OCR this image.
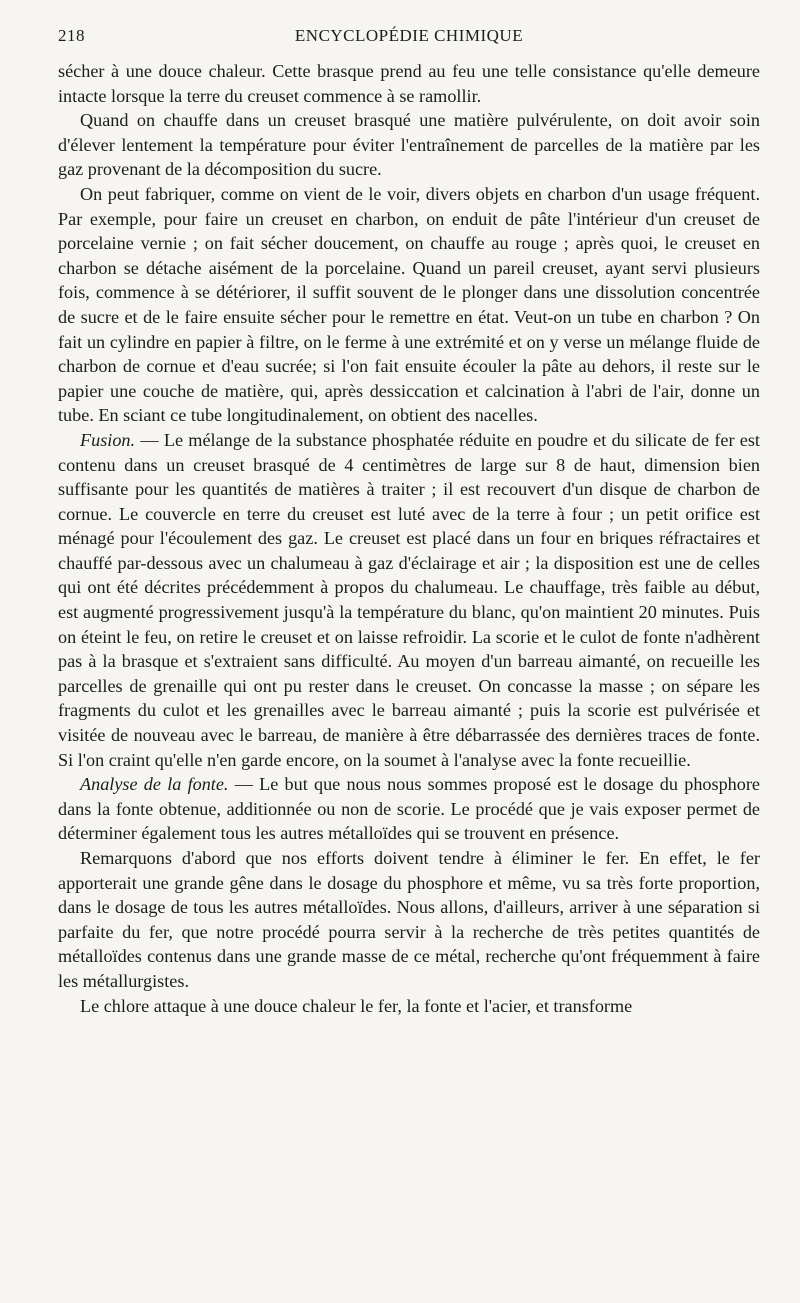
218	ENCYCLOPÉDIE CHIMIQUE

sécher à une douce chaleur. Cette brasque prend au feu une telle consistance qu'elle demeure intacte lorsque la terre du creuset commence à se ramollir.

Quand on chauffe dans un creuset brasqué une matière pulvérulente, on doit avoir soin d'élever lentement la température pour éviter l'entraînement de parcelles de la matière par les gaz provenant de la décomposition du sucre.

On peut fabriquer, comme on vient de le voir, divers objets en charbon d'un usage fréquent. Par exemple, pour faire un creuset en charbon, on enduit de pâte l'intérieur d'un creuset de porcelaine vernie ; on fait sécher doucement, on chauffe au rouge ; après quoi, le creuset en charbon se détache aisément de la porcelaine. Quand un pareil creuset, ayant servi plusieurs fois, commence à se détériorer, il suffit souvent de le plonger dans une dissolution concentrée de sucre et de le faire ensuite sécher pour le remettre en état. Veut-on un tube en charbon ? On fait un cylindre en papier à filtre, on le ferme à une extrémité et on y verse un mélange fluide de charbon de cornue et d'eau sucrée; si l'on fait ensuite écouler la pâte au dehors, il reste sur le papier une couche de matière, qui, après dessiccation et calcination à l'abri de l'air, donne un tube. En sciant ce tube longitudinalement, on obtient des nacelles.

Fusion. — Le mélange de la substance phosphatée réduite en poudre et du silicate de fer est contenu dans un creuset brasqué de 4 centimètres de large sur 8 de haut, dimension bien suffisante pour les quantités de matières à traiter ; il est recouvert d'un disque de charbon de cornue. Le couvercle en terre du creuset est luté avec de la terre à four ; un petit orifice est ménagé pour l'écoulement des gaz. Le creuset est placé dans un four en briques réfractaires et chauffé par-dessous avec un chalumeau à gaz d'éclairage et air ; la disposition est une de celles qui ont été décrites précédemment à propos du chalumeau. Le chauffage, très faible au début, est augmenté progressivement jusqu'à la température du blanc, qu'on maintient 20 minutes. Puis on éteint le feu, on retire le creuset et on laisse refroidir. La scorie et le culot de fonte n'adhèrent pas à la brasque et s'extraient sans difficulté. Au moyen d'un barreau aimanté, on recueille les parcelles de grenaille qui ont pu rester dans le creuset. On concasse la masse ; on sépare les fragments du culot et les grenailles avec le barreau aimanté ; puis la scorie est pulvérisée et visitée de nouveau avec le barreau, de manière à être débarrassée des dernières traces de fonte. Si l'on craint qu'elle n'en garde encore, on la soumet à l'analyse avec la fonte recueillie.

Analyse de la fonte. — Le but que nous nous sommes proposé est le dosage du phosphore dans la fonte obtenue, additionnée ou non de scorie. Le procédé que je vais exposer permet de déterminer également tous les autres métalloïdes qui se trouvent en présence.

Remarquons d'abord que nos efforts doivent tendre à éliminer le fer. En effet, le fer apporterait une grande gêne dans le dosage du phosphore et même, vu sa très forte proportion, dans le dosage de tous les autres métalloïdes. Nous allons, d'ailleurs, arriver à une séparation si parfaite du fer, que notre procédé pourra servir à la recherche de très petites quantités de métalloïdes contenus dans une grande masse de ce métal, recherche qu'ont fréquemment à faire les métallurgistes.

Le chlore attaque à une douce chaleur le fer, la fonte et l'acier, et transforme
